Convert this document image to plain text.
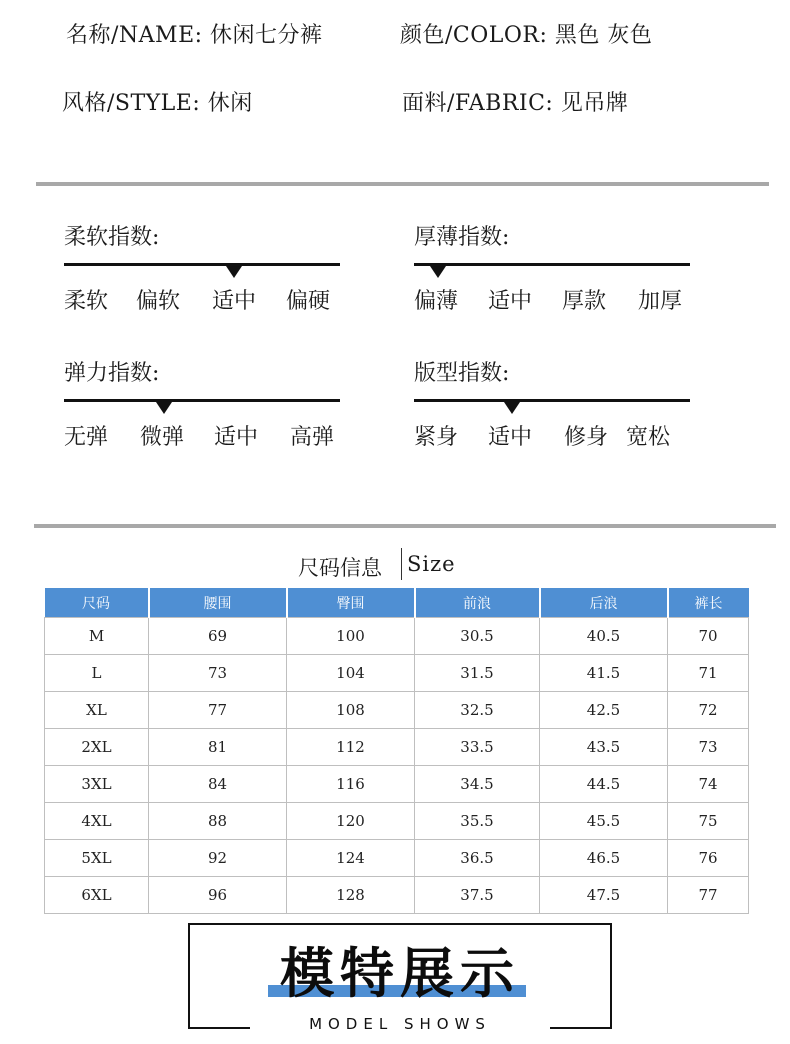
名称/NAME: 休闲七分裤	颜色/COLOR: 黑色 灰色
风格/STYLE: 休闲	面料/FABRIC: 见吊牌
柔软指数:
柔软 偏软 适中 偏硬
厚薄指数:
偏薄 适中 厚款 加厚
弹力指数:
无弹 微弹 适中 高弹
版型指数:
紧身 适中 修身 宽松
尺码信息 Size
尺码	腰围	臀围	前浪	后浪	裤长
M	69	100	30.5	40.5	70
L	73	104	31.5	41.5	71
XL	77	108	32.5	42.5	72
2XL	81	112	33.5	43.5	73
3XL	84	116	34.5	44.5	74
4XL	88	120	35.5	45.5	75
5XL	92	124	36.5	46.5	76
6XL	96	128	37.5	47.5	77
模特展示
MODEL SHOWS
